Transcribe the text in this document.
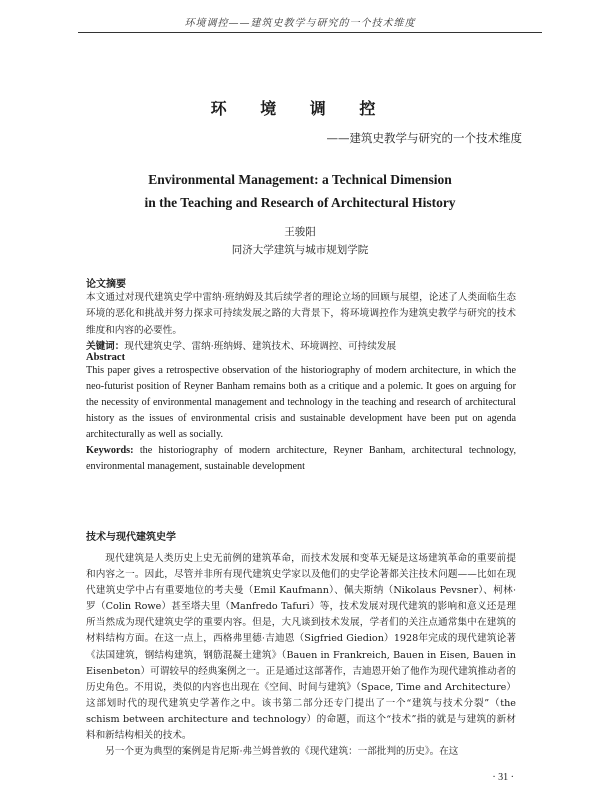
环境调控——建筑史教学与研究的一个技术维度
环 境 调 控
——建筑史教学与研究的一个技术维度
Environmental Management: a Technical Dimension
in the Teaching and Research of Architectural History
王骏阳
同济大学建筑与城市规划学院

论文摘要

本文通过对现代建筑史学中雷纳·班纳姆及其后续学者的理论立场的回顾与展望，论述了人类面临生态环境的恶化和挑战并努力探求可持续发展之路的大背景下，将环境调控作为建筑史教学与研究的技术维度和内容的必要性。

关键词：现代建筑史学、雷纳·班纳姆、建筑技术、环境调控、可持续发展

Abstract

This paper gives a retrospective observation of the historiography of modern architecture, in which the neo-futurist position of Reyner Banham remains both as a critique and a polemic. It goes on arguing for the necessity of environmental management and technology in the teaching and research of architectural history as the issues of environmental crisis and sustainable development have been put on agenda architecturally as well as socially.

Keywords: the historiography of modern architecture, Reyner Banham, architectural technology, environmental management, sustainable development

技术与现代建筑史学

现代建筑是人类历史上史无前例的建筑革命，而技术发展和变革无疑是这场建筑革命的重要前提和内容之一。因此，尽管并非所有现代建筑史学家以及他们的史学论著都关注技术问题——比如在现代建筑史学中占有重要地位的考夫曼（Emil Kaufmann）、佩夫斯纳（Nikolaus Pevsner）、柯林·罗（Colin Rowe）甚至塔夫里（Manfredo Tafuri）等，技术发展对现代建筑的影响和意义还是理所当然成为现代建筑史学的重要内容。但是，大凡谈到技术发展，学者们的关注点通常集中在建筑的材料结构方面。在这一点上，西格弗里德·吉迪恩（Sigfried Giedion）1928年完成的现代建筑论著《法国建筑，钢结构建筑，钢筋混凝土建筑》（Bauen in Frankreich, Bauen in Eisen, Bauen in Eisenbeton）可谓较早的经典案例之一。正是通过这部著作，吉迪恩开始了他作为现代建筑推动者的历史角色。不用说，类似的内容也出现在《空间、时间与建筑》（Space, Time and Architecture）这部划时代的现代建筑史学著作之中。该书第二部分还专门提出了一个“建筑与技术分裂”（the schism between architecture and technology）的命题，而这个“技术”指的就是与建筑的新材料和新结构相关的技术。

另一个更为典型的案例是肯尼斯·弗兰姆普敦的《现代建筑：一部批判的历史》。在这

· 31 ·
